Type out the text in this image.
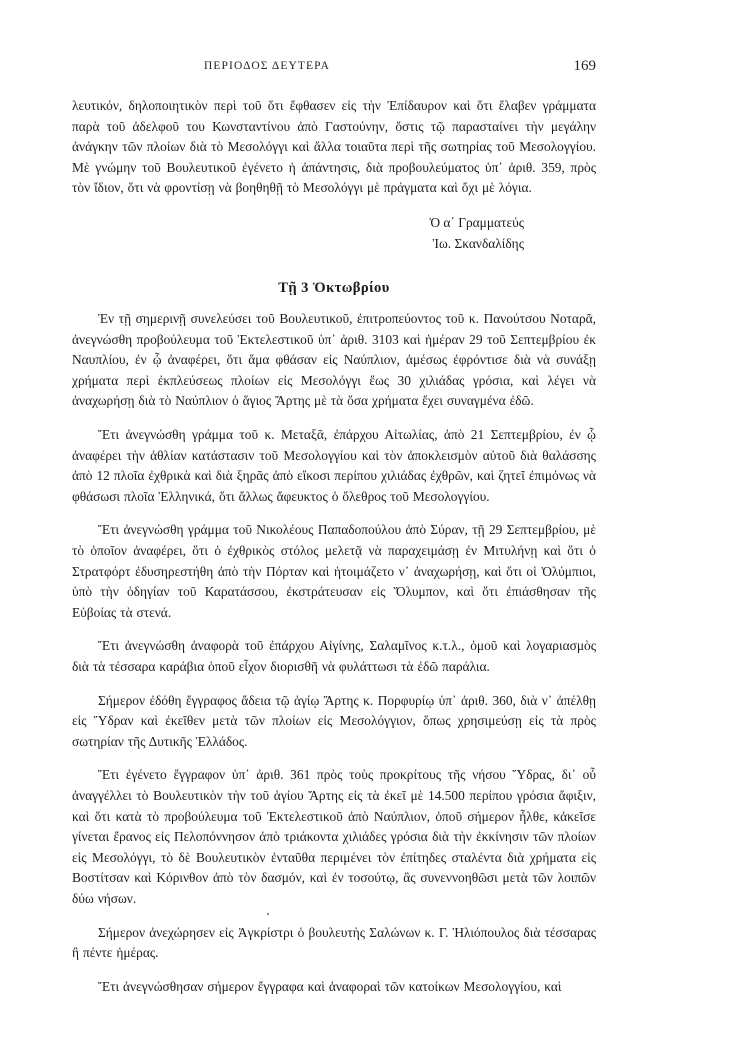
ΠΕΡΙΟΔΟΣ ΔΕΥΤΕΡΑ	169

λευτικόν, δηλοποιητικὸν περὶ τοῦ ὅτι ἔφθασεν εἰς τὴν Ἐπίδαυρον καὶ ὅτι ἔλαβεν γράμματα παρὰ τοῦ ἀδελφοῦ του Κωνσταντίνου ἀπὸ Γαστούνην, ὅστις τῷ παρασταίνει τὴν μεγάλην ἀνάγκην τῶν πλοίων διὰ τὸ Μεσολόγγι καὶ ἄλλα τοιαῦτα περὶ τῆς σωτηρίας τοῦ Μεσολογγίου. Μὲ γνώμην τοῦ Βουλευτικοῦ ἐγένετο ἡ ἀπάντησις, διὰ προβουλεύματος ὑπ᾿ ἀριθ. 359, πρὸς τὸν ἴδιον, ὅτι νὰ φροντίσῃ νὰ βοηθηθῇ τὸ Μεσολόγγι μὲ πράγματα καὶ ὄχι μὲ λόγια.

Ὁ α΄ Γραμματεύς
Ἰω. Σκανδαλίδης
Τῇ 3 Ὀκτωβρίου

Ἐν τῇ σημερινῇ συνελεύσει τοῦ Βουλευτικοῦ, ἐπιτροπεύοντος τοῦ κ. Πανούτσου Νοταρᾶ, ἀνεγνώσθη προβούλευμα τοῦ Ἐκτελεστικοῦ ὑπ᾿ ἀριθ. 3103 καὶ ἡμέραν 29 τοῦ Σεπτεμβρίου ἐκ Ναυπλίου, ἐν ᾧ ἀναφέρει, ὅτι ἅμα φθάσαν εἰς Ναύπλιον, ἀμέσως ἐφρόντισε διὰ νὰ συνάξῃ χρήματα περὶ ἐκπλεύσεως πλοίων εἰς Μεσολόγγι ἕως 30 χιλιάδας γρόσια, καὶ λέγει νὰ ἀναχωρήσῃ διὰ τὸ Ναύπλιον ὁ ἅγιος Ἄρτης μὲ τὰ ὅσα χρήματα ἔχει συναγμένα ἐδῶ.

Ἔτι ἀνεγνώσθη γράμμα τοῦ κ. Μεταξᾶ, ἐπάρχου Αἰτωλίας, ἀπὸ 21 Σεπτεμβρίου, ἐν ᾧ ἀναφέρει τὴν ἀθλίαν κατάστασιν τοῦ Μεσολογγίου καὶ τὸν ἀποκλεισμὸν αὐτοῦ διὰ θαλάσσης ἀπὸ 12 πλοῖα ἐχθρικὰ καὶ διὰ ξηρᾶς ἀπὸ εἴκοσι περίπου χιλιάδας ἐχθρῶν, καὶ ζητεῖ ἐπιμόνως νὰ φθάσωσι πλοῖα Ἑλληνικά, ὅτι ἄλλως ἄφευκτος ὁ ὄλεθρος τοῦ Μεσολογγίου.

Ἔτι ἀνεγνώσθη γράμμα τοῦ Νικολέους Παπαδοπούλου ἀπὸ Σύραν, τῇ 29 Σεπτεμβρίου, μὲ τὸ ὁποῖον ἀναφέρει, ὅτι ὁ ἐχθρικὸς στόλος μελετᾷ νὰ παραχειμάσῃ ἐν Μιτυλήνῃ καὶ ὅτι ὁ Στρατφόρτ ἐδυσηρεστήθη ἀπὸ τὴν Πόρταν καὶ ἡτοιμάζετο ν᾿ ἀναχωρήσῃ, καὶ ὅτι οἱ Ὀλύμπιοι, ὑπὸ τὴν ὁδηγίαν τοῦ Καρατάσσου, ἐκστράτευσαν εἰς Ὄλυμπον, καὶ ὅτι ἐπιάσθησαν τῆς Εὐβοίας τὰ στενά.

Ἔτι ἀνεγνώσθη ἀναφορὰ τοῦ ἐπάρχου Αἰγίνης, Σαλαμῖνος κ.τ.λ., ὁμοῦ καὶ λογαριασμὸς διὰ τὰ τέσσαρα καράβια ὁποῦ εἶχον διορισθῆ νὰ φυλάττωσι τὰ ἐδῶ παράλια.

Σήμερον ἐδόθη ἔγγραφος ἄδεια τῷ ἁγίῳ Ἄρτης κ. Πορφυρίῳ ὑπ᾿ ἀριθ. 360, διὰ ν᾿ ἀπέλθῃ εἰς Ὕδραν καὶ ἐκεῖθεν μετὰ τῶν πλοίων εἰς Μεσολόγγιον, ὅπως χρησιμεύσῃ εἰς τὰ πρὸς σωτηρίαν τῆς Δυτικῆς Ἑλλάδος.

Ἔτι ἐγένετο ἔγγραφον ὑπ᾿ ἀριθ. 361 πρὸς τοὺς προκρίτους τῆς νήσου Ὕδρας, δι᾿ οὗ ἀναγγέλλει τὸ Βουλευτικὸν τὴν τοῦ ἁγίου Ἄρτης εἰς τὰ ἐκεῖ μὲ 14.500 περίπου γρόσια ἄφιξιν, καὶ ὅτι κατὰ τὸ προβούλευμα τοῦ Ἐκτελεστικοῦ ἀπὸ Ναύπλιον, ὁποῦ σήμερον ἦλθε, κἀκεῖσε γίνεται ἔρανος εἰς Πελοπόννησον ἀπὸ τριάκοντα χιλιάδες γρόσια διὰ τὴν ἐκκίνησιν τῶν πλοίων εἰς Μεσολόγγι, τὸ δὲ Βουλευτικὸν ἐνταῦθα περιμένει τὸν ἐπίτηδες σταλέντα διὰ χρήματα εἰς Βοστίτσαν καὶ Κόρινθον ἀπὸ τὸν δασμόν, καὶ ἐν τοσούτῳ, ἂς συνεννοηθῶσι μετὰ τῶν λοιπῶν δύω νήσων.

Σήμερον ἀνεχώρησεν εἰς Ἀγκρίστρι ὁ βουλευτὴς Σαλώνων κ. Γ. Ἠλιόπουλος διὰ τέσσαρας ἢ πέντε ἡμέρας.

Ἔτι ἀνεγνώσθησαν σήμερον ἔγγραφα καὶ ἀναφοραὶ τῶν κατοίκων Μεσολογγίου, καὶ
